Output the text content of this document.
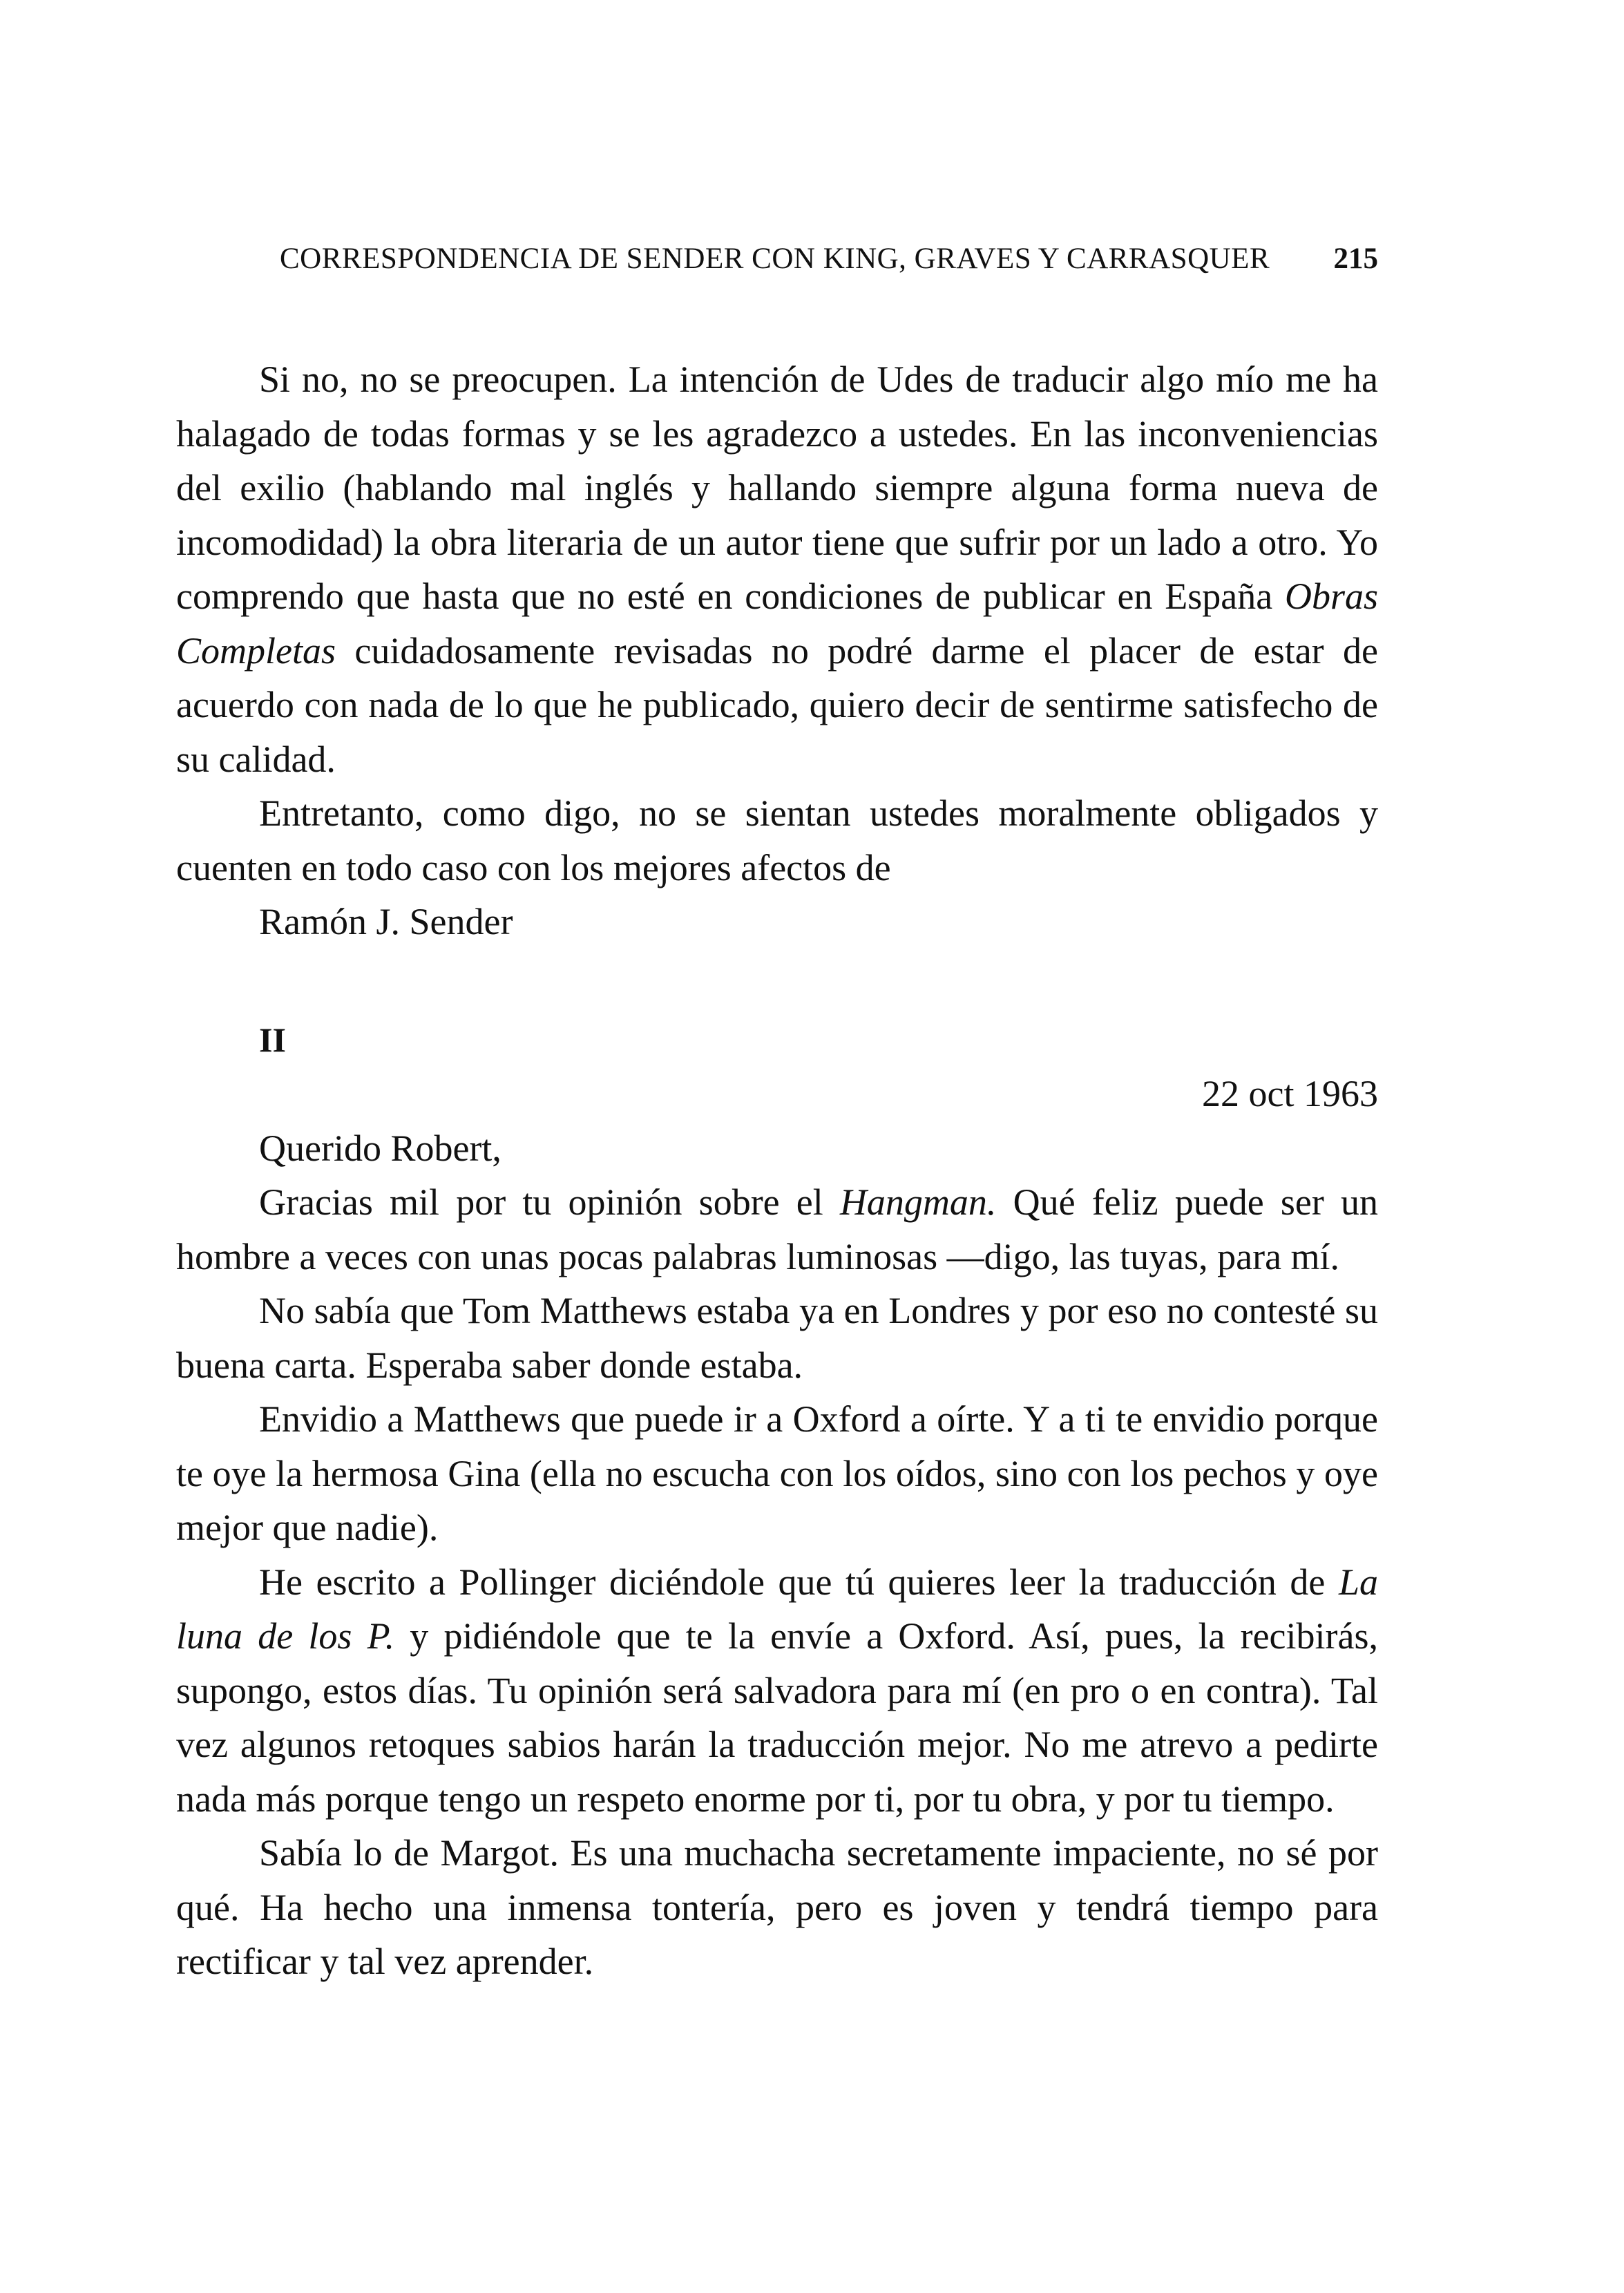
CORRESPONDENCIA DE SENDER CON KING, GRAVES Y CARRASQUER 215

Si no, no se preocupen. La intención de Udes de traducir algo mío me ha halagado de todas formas y se les agradezco a ustedes. En las inconveniencias del exilio (hablando mal inglés y hallando siempre alguna forma nueva de incomodidad) la obra literaria de un autor tiene que sufrir por un lado a otro. Yo comprendo que hasta que no esté en condiciones de publicar en España Obras Completas cuidadosamente revisadas no podré darme el placer de estar de acuerdo con nada de lo que he publicado, quiero decir de sentirme satisfecho de su calidad.

Entretanto, como digo, no se sientan ustedes moralmente obligados y cuenten en todo caso con los mejores afectos de

Ramón J. Sender

II

22 oct 1963

Querido Robert,

Gracias mil por tu opinión sobre el Hangman. Qué feliz puede ser un hombre a veces con unas pocas palabras luminosas —digo, las tuyas, para mí.

No sabía que Tom Matthews estaba ya en Londres y por eso no contesté su buena carta. Esperaba saber donde estaba.

Envidio a Matthews que puede ir a Oxford a oírte. Y a ti te envidio porque te oye la hermosa Gina (ella no escucha con los oídos, sino con los pechos y oye mejor que nadie).

He escrito a Pollinger diciéndole que tú quieres leer la traducción de La luna de los P. y pidiéndole que te la envíe a Oxford. Así, pues, la recibirás, supongo, estos días. Tu opinión será salvadora para mí (en pro o en contra). Tal vez algunos retoques sabios harán la traducción mejor. No me atrevo a pedirte nada más porque tengo un respeto enorme por ti, por tu obra, y por tu tiempo.

Sabía lo de Margot. Es una muchacha secretamente impaciente, no sé por qué. Ha hecho una inmensa tontería, pero es joven y tendrá tiempo para rectificar y tal vez aprender.
